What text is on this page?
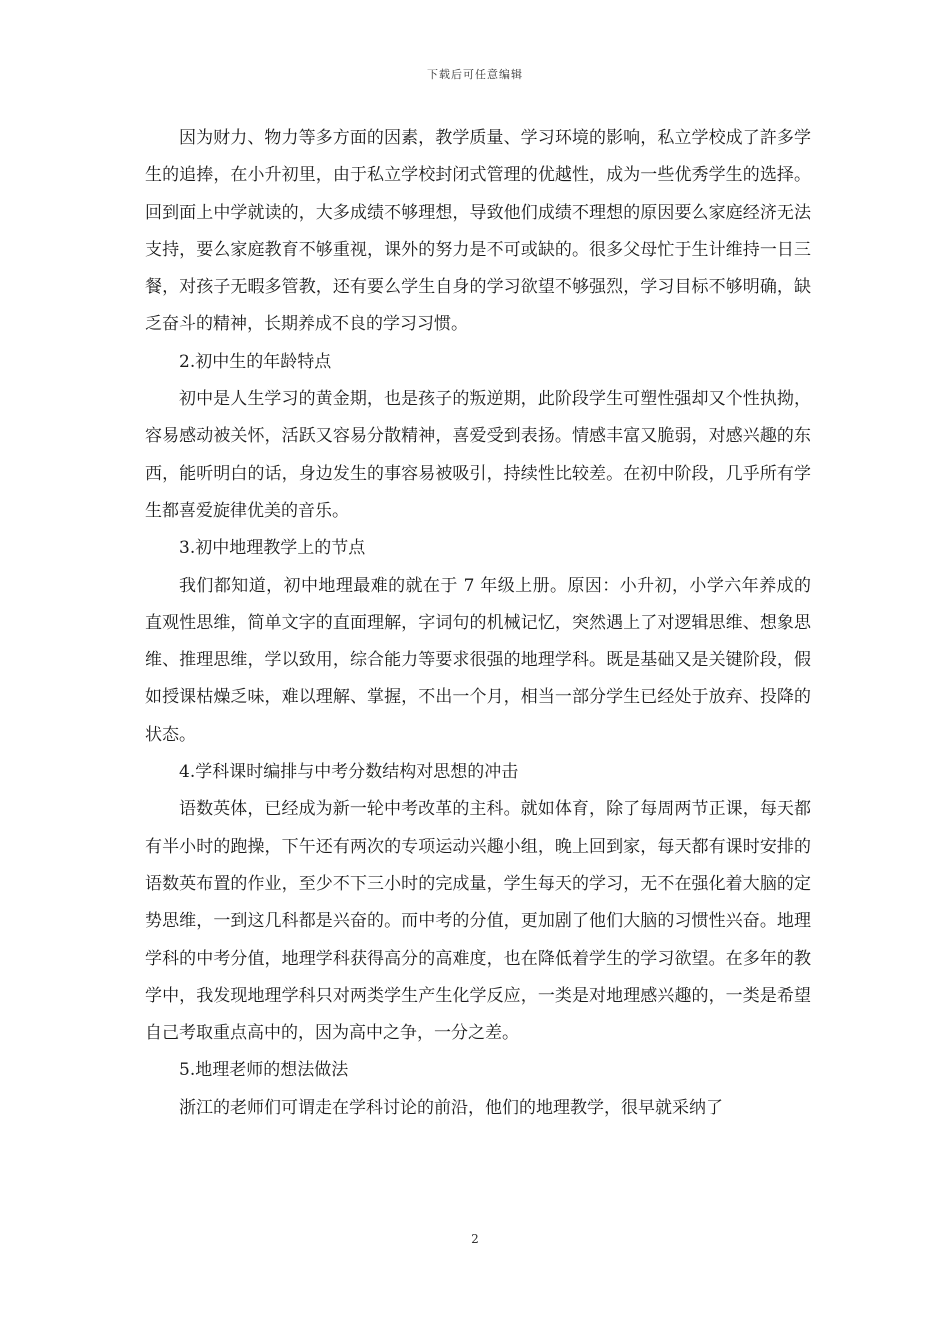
下载后可任意编辑

因为财力、物力等多方面的因素，教学质量、学习环境的影响，私立学校成了許多学生的追捧，在小升初里，由于私立学校封闭式管理的优越性，成为一些优秀学生的选择。回到面上中学就读的，大多成绩不够理想，导致他们成绩不理想的原因要么家庭经济无法支持，要么家庭教育不够重视，课外的努力是不可或缺的。很多父母忙于生计维持一日三餐，对孩子无暇多管教，还有要么学生自身的学习欲望不够强烈，学习目标不够明确，缺乏奋斗的精神，长期养成不良的学习习惯。

2.初中生的年龄特点

初中是人生学习的黄金期，也是孩子的叛逆期，此阶段学生可塑性强却又个性执拗，容易感动被关怀，活跃又容易分散精神，喜爱受到表扬。情感丰富又脆弱，对感兴趣的东西，能听明白的话，身边发生的事容易被吸引，持续性比较差。在初中阶段，几乎所有学生都喜爱旋律优美的音乐。

3.初中地理教学上的节点

我们都知道，初中地理最难的就在于 7 年级上册。原因：小升初，小学六年养成的直观性思维，简单文字的直面理解，字词句的机械记忆，突然遇上了对逻辑思维、想象思维、推理思维，学以致用，综合能力等要求很强的地理学科。既是基础又是关键阶段，假如授课枯燥乏味，难以理解、掌握，不出一个月，相当一部分学生已经处于放弃、投降的状态。

4.学科课时编排与中考分数结构对思想的冲击

语数英体，已经成为新一轮中考改革的主科。就如体育，除了每周两节正课，每天都有半小时的跑操，下午还有两次的专项运动兴趣小组，晚上回到家，每天都有课时安排的语数英布置的作业，至少不下三小时的完成量，学生每天的学习，无不在强化着大脑的定势思维，一到这几科都是兴奋的。而中考的分值，更加剧了他们大脑的习惯性兴奋。地理学科的中考分值，地理学科获得高分的高难度，也在降低着学生的学习欲望。在多年的教学中，我发现地理学科只对两类学生产生化学反应，一类是对地理感兴趣的，一类是希望自己考取重点高中的，因为高中之争，一分之差。

5.地理老师的想法做法

浙江的老师们可谓走在学科讨论的前沿，他们的地理教学，很早就采纳了

2
